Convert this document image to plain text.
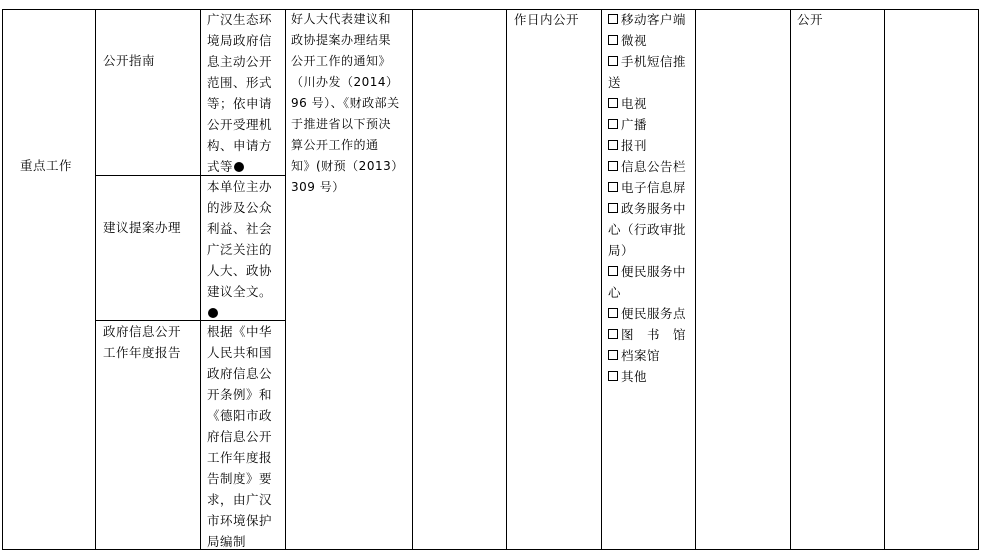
重点工作
公开指南
建议提案办理
政府信息公开
工作年度报告
广汉生态环
境局政府信
息主动公开
范围、形式
等；依申请
公开受理机
构、申请方
式等
本单位主办
的涉及公众
利益、社会
广泛关注的
人大、政协
建议全文。
根据《中华
人民共和国
政府信息公
开条例》和
《德阳市政
府信息公开
工作年度报
告制度》要
求，由广汉
市环境保护
局编制
好人大代表建议和
政协提案办理结果
公开工作的通知》
（川办发（2014）
96 号）、《财政部关
于推进省以下预决
算公开工作的通
知》(财预（2013）
309 号）
作日内公开	移动客户端
微视
手机短信推
送
电视
广播
报刊
信息公告栏
电子信息屏
政务服务中
心（行政审批
局）
便民服务中
心
便民服务点
图　书　馆
档案馆
其他
公开
